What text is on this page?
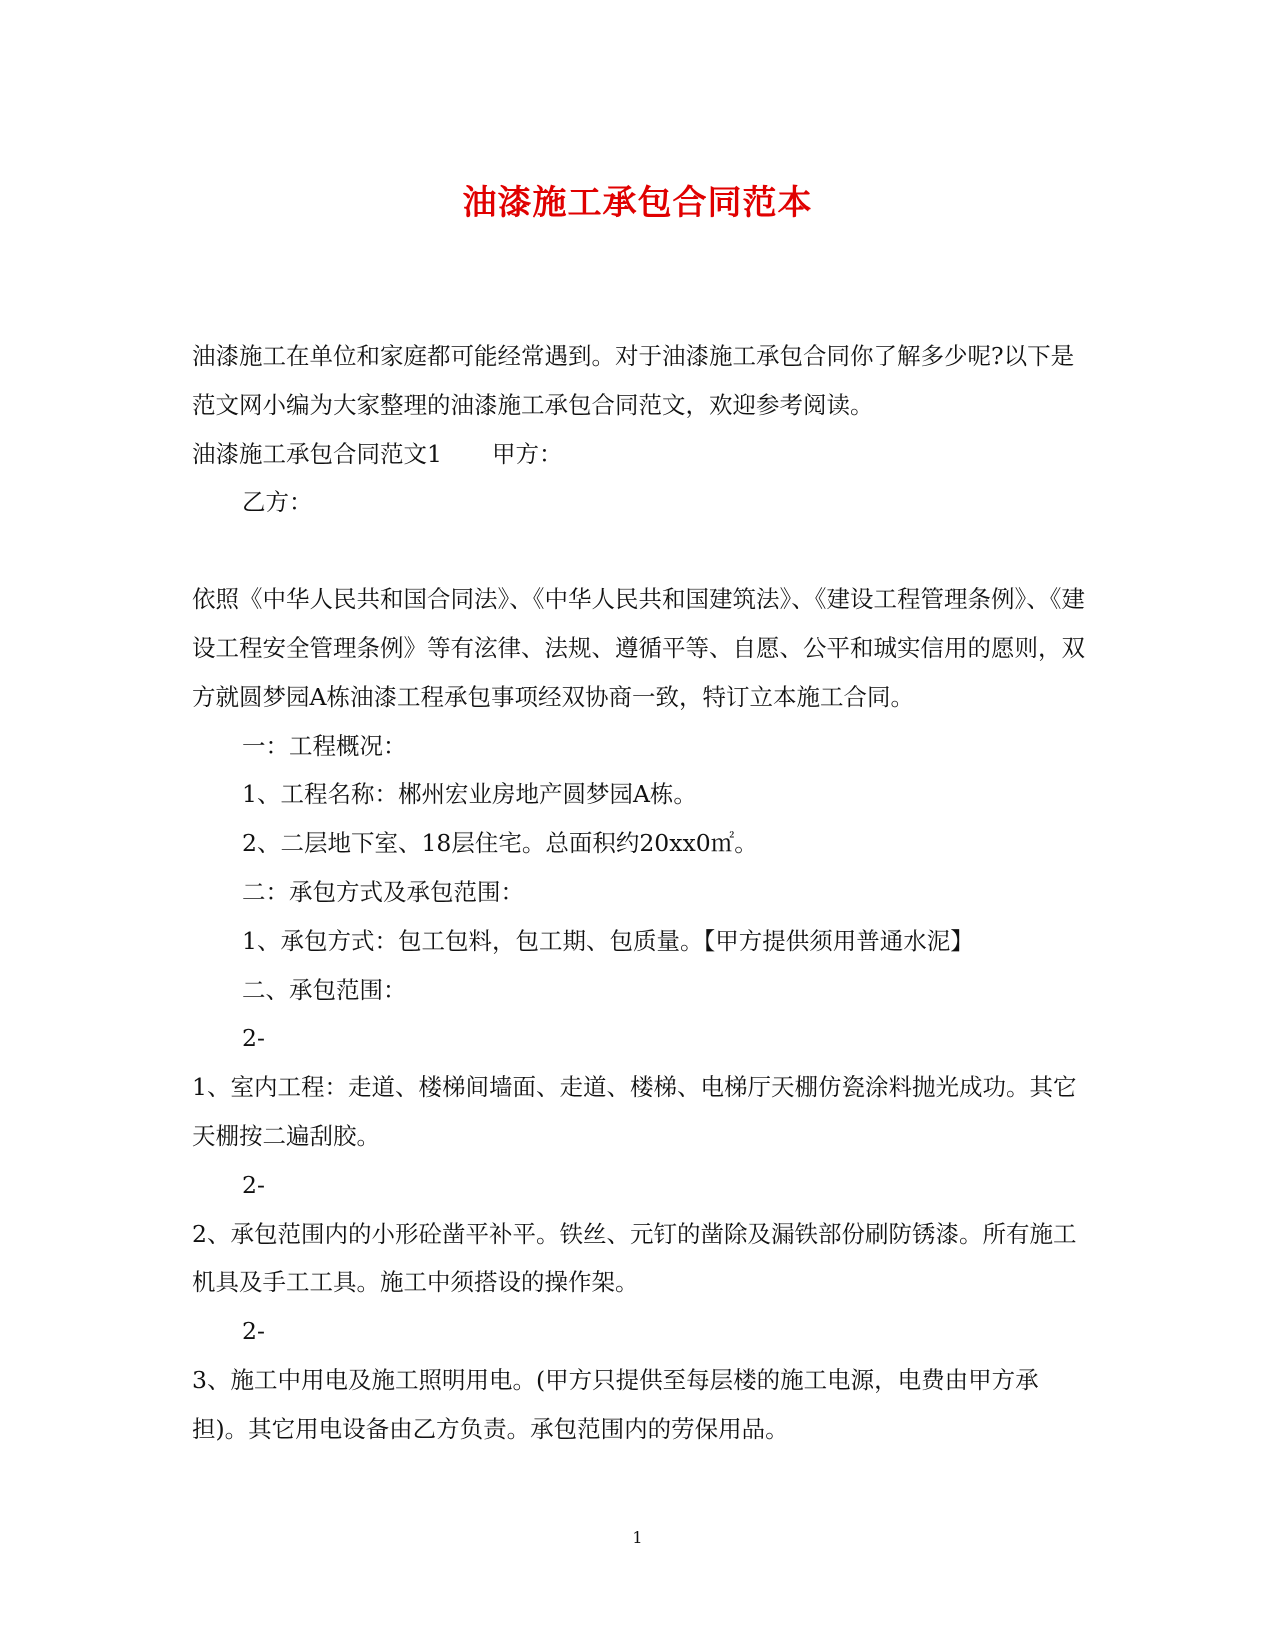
油漆施工承包合同范本

油漆施工在单位和家庭都可能经常遇到。对于油漆施工承包合同你了解多少呢?以下是范文网小编为大家整理的油漆施工承包合同范文，欢迎参考阅读。

油漆施工承包合同范文1 甲方：

乙方：

依照《中华人民共和国合同法》、《中华人民共和国建筑法》、《建设工程管理条例》、《建设工程安全管理条例》等有泫律、法规、遵循平等、自愿、公平和珹实信用的愿则，双方就圆梦园A栋油漆工程承包事项经双协商一致，特订立本施工合同。

一：工程概况：

1、工程名称：郴州宏业房地产圆梦园A栋。

2、二层地下室、18层住宅。总面积约20xx0㎡。

二：承包方式及承包范围：

1、承包方式：包工包料，包工期、包质量。【甲方提供须用普通水泥】

二、承包范围：

2-

1、室内工程：走道、楼梯间墙面、走道、楼梯、电梯厅天棚仿瓷涂料抛光成功。其它天棚按二遍刮胶。

2-

2、承包范围内的小形砼凿平补平。铁丝、元钉的凿除及漏铁部份刷防锈漆。所有施工机具及手工工具。施工中须搭设的操作架。

2-

3、施工中用电及施工照明用电。(甲方只提供至每层楼的施工电源，电费由甲方承担)。其它用电设备由乙方负责。承包范围内的劳保用品。

1
